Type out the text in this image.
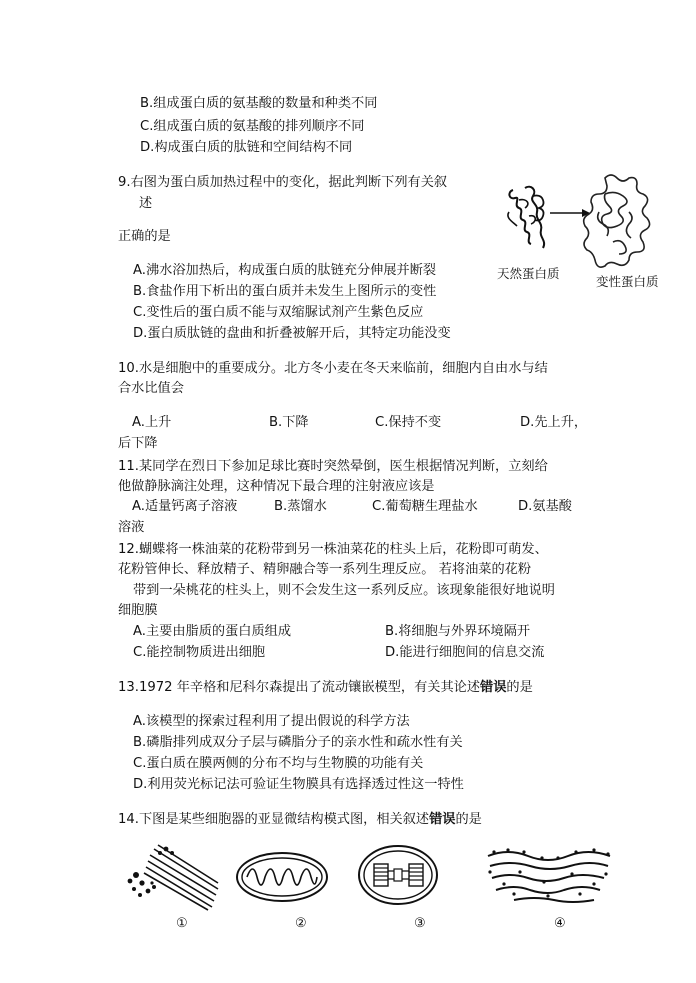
B.组成蛋白质的氨基酸的数量和种类不同
C.组成蛋白质的氨基酸的排列顺序不同
D.构成蛋白质的肽链和空间结构不同
9.右图为蛋白质加热过程中的变化，据此判断下列有关叙
述
正确的是
A.沸水浴加热后，构成蛋白质的肽链充分伸展并断裂
B.食盐作用下析出的蛋白质并未发生上图所示的变性
C.变性后的蛋白质不能与双缩脲试剂产生紫色反应
D.蛋白质肽链的盘曲和折叠被解开后，其特定功能没变
天然蛋白质
变性蛋白质
10.水是细胞中的重要成分。北方冬小麦在冬天来临前，细胞内自由水与结
合水比值会
A.上升	B.下降	C.保持不变	D.先上升，
后下降
11.某同学在烈日下参加足球比赛时突然晕倒，医生根据情况判断，立刻给
他做静脉滴注处理，这种情况下最合理的注射液应该是
A.适量钙离子溶液	B.蒸馏水	C.葡萄糖生理盐水	D.氨基酸
溶液
12.蝴蝶将一株油菜的花粉带到另一株油菜花的柱头上后，花粉即可萌发、
花粉管伸长、释放精子、精卵融合等一系列生理反应。 若将油菜的花粉
带到一朵桃花的柱头上，则不会发生这一系列反应。该现象能很好地说明
细胞膜
A.主要由脂质的蛋白质组成	B.将细胞与外界环境隔开
C.能控制物质进出细胞	D.能进行细胞间的信息交流
13.1972 年辛格和尼科尔森提出了流动镶嵌模型，有关其论述错误的是
A.该模型的探索过程利用了提出假说的科学方法
B.磷脂排列成双分子层与磷脂分子的亲水性和疏水性有关
C.蛋白质在膜两侧的分布不均与生物膜的功能有关
D.利用荧光标记法可验证生物膜具有选择透过性这一特性
14.下图是某些细胞器的亚显微结构模式图，相关叙述错误的是
①	②	③	④
